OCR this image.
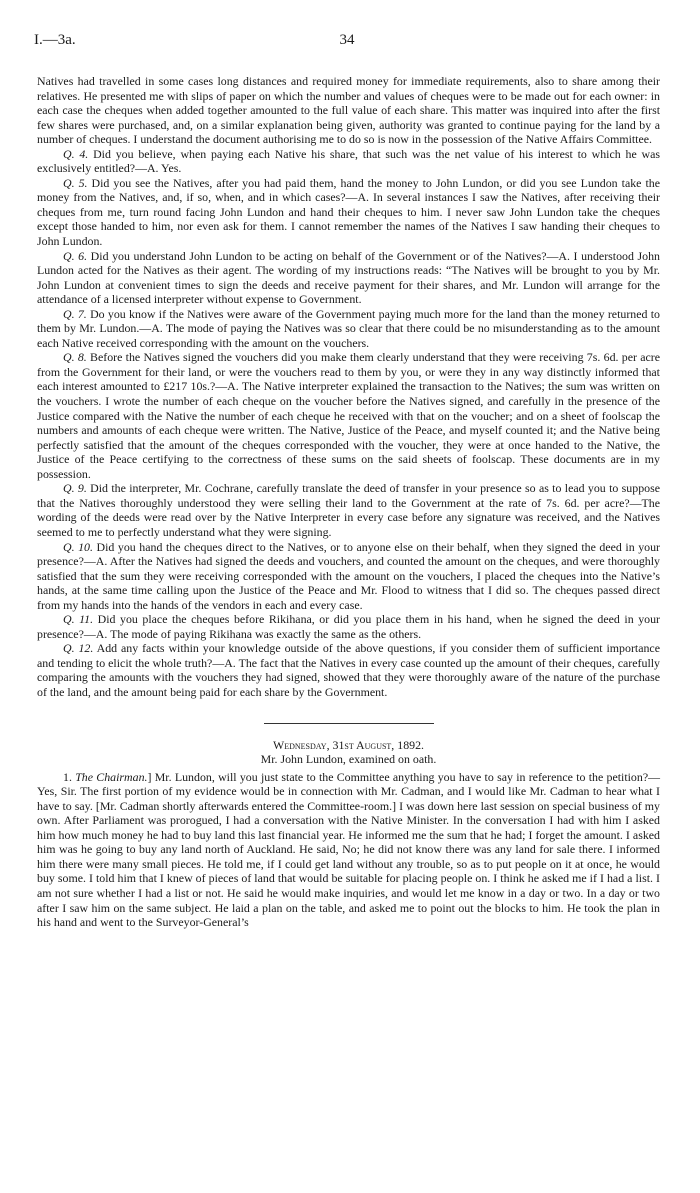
I.—3a.	34

Natives had travelled in some cases long distances and required money for immediate requirements, also to share among their relatives. He presented me with slips of paper on which the number and values of cheques were to be made out for each owner: in each case the cheques when added together amounted to the full value of each share. This matter was inquired into after the first few shares were purchased, and, on a similar explanation being given, authority was granted to continue paying for the land by a number of cheques. I understand the document authorising me to do so is now in the possession of the Native Affairs Committee.

Q. 4. Did you believe, when paying each Native his share, that such was the net value of his interest to which he was exclusively entitled?—A. Yes.

Q. 5. Did you see the Natives, after you had paid them, hand the money to John Lundon, or did you see Lundon take the money from the Natives, and, if so, when, and in which cases?—A. In several instances I saw the Natives, after receiving their cheques from me, turn round facing John Lundon and hand their cheques to him. I never saw John Lundon take the cheques except those handed to him, nor even ask for them. I cannot remember the names of the Natives I saw handing their cheques to John Lundon.

Q. 6. Did you understand John Lundon to be acting on behalf of the Government or of the Natives?—A. I understood John Lundon acted for the Natives as their agent. The wording of my instructions reads: “The Natives will be brought to you by Mr. John Lundon at convenient times to sign the deeds and receive payment for their shares, and Mr. Lundon will arrange for the attendance of a licensed interpreter without expense to Government.

Q. 7. Do you know if the Natives were aware of the Government paying much more for the land than the money returned to them by Mr. Lundon.—A. The mode of paying the Natives was so clear that there could be no misunderstanding as to the amount each Native received corresponding with the amount on the vouchers.

Q. 8. Before the Natives signed the vouchers did you make them clearly understand that they were receiving 7s. 6d. per acre from the Government for their land, or were the vouchers read to them by you, or were they in any way distinctly informed that each interest amounted to £217 10s.?—A. The Native interpreter explained the transaction to the Natives; the sum was written on the vouchers. I wrote the number of each cheque on the voucher before the Natives signed, and carefully in the presence of the Justice compared with the Native the number of each cheque he received with that on the voucher; and on a sheet of foolscap the numbers and amounts of each cheque were written. The Native, Justice of the Peace, and myself counted it; and the Native being perfectly satisfied that the amount of the cheques corresponded with the voucher, they were at once handed to the Native, the Justice of the Peace certifying to the correctness of these sums on the said sheets of foolscap. These documents are in my possession.

Q. 9. Did the interpreter, Mr. Cochrane, carefully translate the deed of transfer in your presence so as to lead you to suppose that the Natives thoroughly understood they were selling their land to the Government at the rate of 7s. 6d. per acre?—The wording of the deeds were read over by the Native Interpreter in every case before any signature was received, and the Natives seemed to me to perfectly understand what they were signing.

Q. 10. Did you hand the cheques direct to the Natives, or to anyone else on their behalf, when they signed the deed in your presence?—A. After the Natives had signed the deeds and vouchers, and counted the amount on the cheques, and were thoroughly satisfied that the sum they were receiving corresponded with the amount on the vouchers, I placed the cheques into the Native’s hands, at the same time calling upon the Justice of the Peace and Mr. Flood to witness that I did so. The cheques passed direct from my hands into the hands of the vendors in each and every case.

Q. 11. Did you place the cheques before Rikihana, or did you place them in his hand, when he signed the deed in your presence?—A. The mode of paying Rikihana was exactly the same as the others.

Q. 12. Add any facts within your knowledge outside of the above questions, if you consider them of sufficient importance and tending to elicit the whole truth?—A. The fact that the Natives in every case counted up the amount of their cheques, carefully comparing the amounts with the vouchers they had signed, showed that they were thoroughly aware of the nature of the purchase of the land, and the amount being paid for each share by the Government.

Wednesday, 31st August, 1892.

Mr. John Lundon, examined on oath.

1. The Chairman.] Mr. Lundon, will you just state to the Committee anything you have to say in reference to the petition?—Yes, Sir. The first portion of my evidence would be in connection with Mr. Cadman, and I would like Mr. Cadman to hear what I have to say. [Mr. Cadman shortly afterwards entered the Committee-room.] I was down here last session on special business of my own. After Parliament was prorogued, I had a conversation with the Native Minister. In the conversation I had with him I asked him how much money he had to buy land this last financial year. He informed me the sum that he had; I forget the amount. I asked him was he going to buy any land north of Auckland. He said, No; he did not know there was any land for sale there. I informed him there were many small pieces. He told me, if I could get land without any trouble, so as to put people on it at once, he would buy some. I told him that I knew of pieces of land that would be suitable for placing people on. I think he asked me if I had a list. I am not sure whether I had a list or not. He said he would make inquiries, and would let me know in a day or two. In a day or two after I saw him on the same subject. He laid a plan on the table, and asked me to point out the blocks to him. He took the plan in his hand and went to the Surveyor-General’s
